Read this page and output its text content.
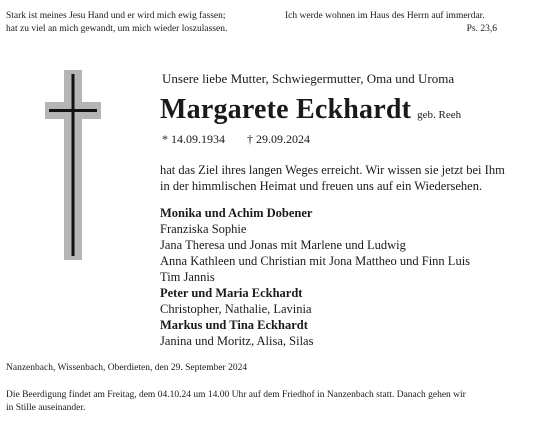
Stark ist meines Jesu Hand und er wird mich ewig fassen;
hat zu viel an mich gewandt, um mich wieder loszulassen.
Ich werde wohnen im Haus des Herrn auf immerdar.
Ps. 23,6
Unsere liebe Mutter, Schwiegermutter, Oma und Uroma
Margarete Eckhardt geb. Reeh
* 14.09.1934 † 29.09.2024
hat das Ziel ihres langen Weges erreicht. Wir wissen sie jetzt bei Ihm
in der himmlischen Heimat und freuen uns auf ein Wiedersehen.
Monika und Achim Dobener
Franziska Sophie
Jana Theresa und Jonas mit Marlene und Ludwig
Anna Kathleen und Christian mit Jona Mattheo und Finn Luis
Tim Jannis
Peter und Maria Eckhardt
Christopher, Nathalie, Lavinia
Markus und Tina Eckhardt
Janina und Moritz, Alisa, Silas
Nanzenbach, Wissenbach, Oberdieten, den 29. September 2024
Die Beerdigung findet am Freitag, dem 04.10.24 um 14.00 Uhr auf dem Friedhof in Nanzenbach statt. Danach gehen wir
in Stille auseinander.
